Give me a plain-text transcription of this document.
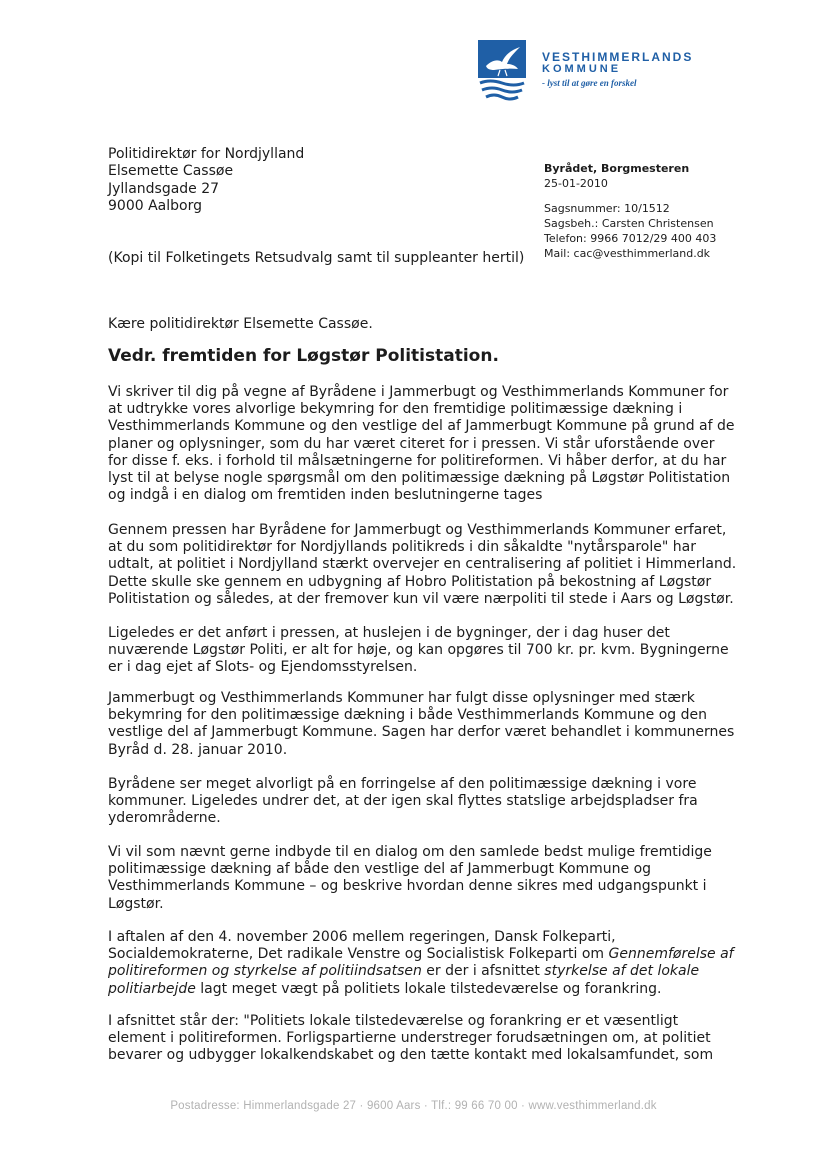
VESTHIMMERLANDS
KOMMUNE
- lyst til at gøre en forskel
Politidirektør for Nordjylland
Elsemette Cassøe
Jyllandsgade 27
9000 Aalborg
Byrådet, Borgmesteren
25-01-2010
Sagsnummer: 10/1512
Sagsbeh.: Carsten Christensen
Telefon: 9966 7012/29 400 403
Mail: cac@vesthimmerland.dk
(Kopi til Folketingets Retsudvalg samt til suppleanter hertil)
Kære politidirektør Elsemette Cassøe.
Vedr. fremtiden for Løgstør Politistation.
Vi skriver til dig på vegne af Byrådene i Jammerbugt og Vesthimmerlands Kommuner for
at udtrykke vores alvorlige bekymring for den fremtidige politimæssige dækning i
Vesthimmerlands Kommune og den vestlige del af Jammerbugt Kommune på grund af de
planer og oplysninger, som du har været citeret for i pressen. Vi står uforstående over
for disse f. eks. i forhold til målsætningerne for politireformen. Vi håber derfor, at du har
lyst til at belyse nogle spørgsmål om den politimæssige dækning på Løgstør Politistation
og indgå i en dialog om fremtiden inden beslutningerne tages
Gennem pressen har Byrådene for Jammerbugt og Vesthimmerlands Kommuner erfaret,
at du som politidirektør for Nordjyllands politikreds i din såkaldte "nytårsparole" har
udtalt, at politiet i Nordjylland stærkt overvejer en centralisering af politiet i Himmerland.
Dette skulle ske gennem en udbygning af Hobro Politistation på bekostning af Løgstør
Politistation og således, at der fremover kun vil være nærpoliti til stede i Aars og Løgstør.
Ligeledes er det anført i pressen, at huslejen i de bygninger, der i dag huser det
nuværende Løgstør Politi, er alt for høje, og kan opgøres til 700 kr. pr. kvm. Bygningerne
er i dag ejet af Slots- og Ejendomsstyrelsen.
Jammerbugt og Vesthimmerlands Kommuner har fulgt disse oplysninger med stærk
bekymring for den politimæssige dækning i både Vesthimmerlands Kommune og den
vestlige del af Jammerbugt Kommune. Sagen har derfor været behandlet i kommunernes
Byråd d. 28. januar 2010.
Byrådene ser meget alvorligt på en forringelse af den politimæssige dækning i vore
kommuner. Ligeledes undrer det, at der igen skal flyttes statslige arbejdspladser fra
yderområderne.
Vi vil som nævnt gerne indbyde til en dialog om den samlede bedst mulige fremtidige
politimæssige dækning af både den vestlige del af Jammerbugt Kommune og
Vesthimmerlands Kommune – og beskrive hvordan denne sikres med udgangspunkt i
Løgstør.
I aftalen af den 4. november 2006 mellem regeringen, Dansk Folkeparti,
Socialdemokraterne, Det radikale Venstre og Socialistisk Folkeparti om Gennemførelse af
politireformen og styrkelse af politiindsatsen er der i afsnittet styrkelse af det lokale
politiarbejde lagt meget vægt på politiets lokale tilstedeværelse og forankring.
I afsnittet står der: "Politiets lokale tilstedeværelse og forankring er et væsentligt
element i politireformen. Forligspartierne understreger forudsætningen om, at politiet
bevarer og udbygger lokalkendskabet og den tætte kontakt med lokalsamfundet, som
Postadresse: Himmerlandsgade 27 · 9600 Aars · Tlf.: 99 66 70 00 · www.vesthimmerland.dk
